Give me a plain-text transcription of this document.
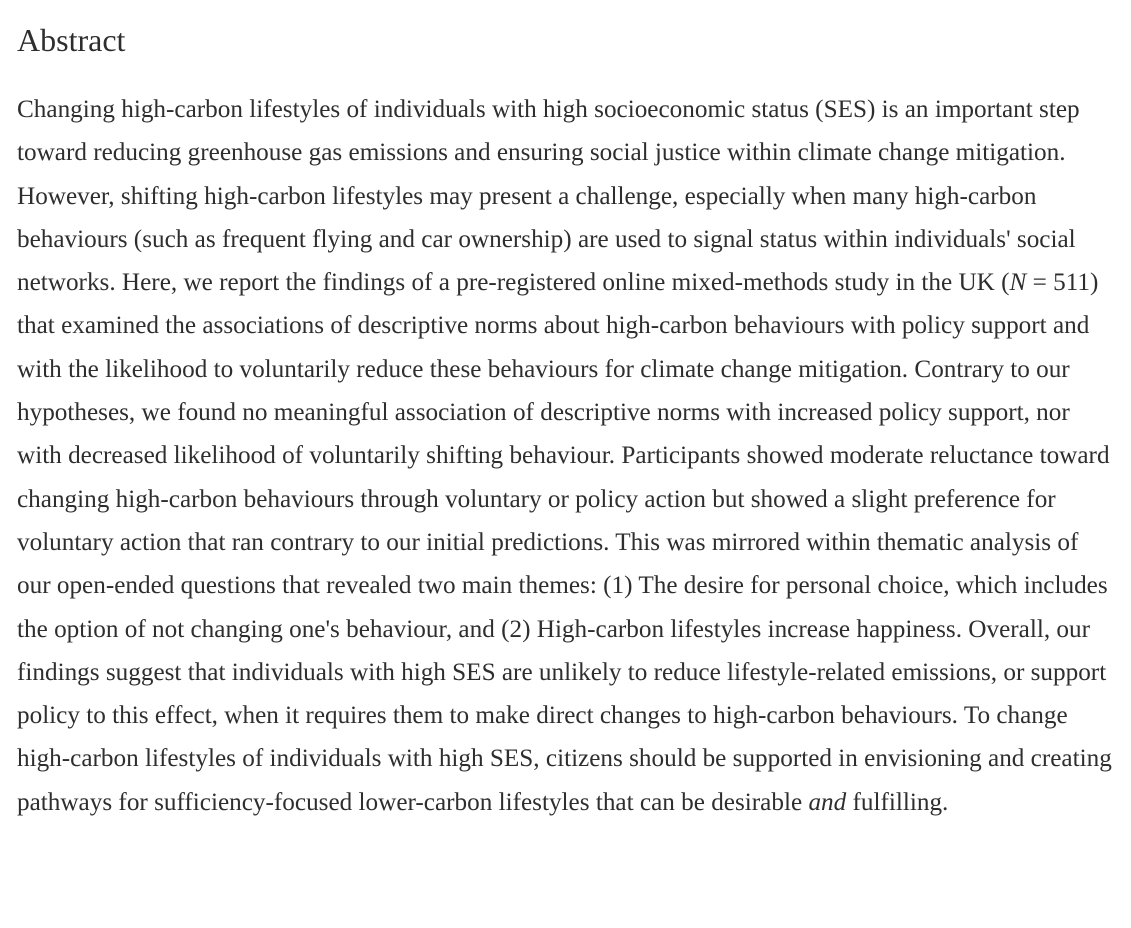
Abstract

Changing high-carbon lifestyles of individuals with high socioeconomic status (SES) is an important step toward reducing greenhouse gas emissions and ensuring social justice within climate change mitigation. However, shifting high-carbon lifestyles may present a challenge, especially when many high-carbon behaviours (such as frequent flying and car ownership) are used to signal status within individuals' social networks. Here, we report the findings of a pre-registered online mixed-methods study in the UK (N = 511) that examined the associations of descriptive norms about high-carbon behaviours with policy support and with the likelihood to voluntarily reduce these behaviours for climate change mitigation. Contrary to our hypotheses, we found no meaningful association of descriptive norms with increased policy support, nor with decreased likelihood of voluntarily shifting behaviour. Participants showed moderate reluctance toward changing high-carbon behaviours through voluntary or policy action but showed a slight preference for voluntary action that ran contrary to our initial predictions. This was mirrored within thematic analysis of our open-ended questions that revealed two main themes: (1) The desire for personal choice, which includes the option of not changing one's behaviour, and (2) High-carbon lifestyles increase happiness. Overall, our findings suggest that individuals with high SES are unlikely to reduce lifestyle-related emissions, or support policy to this effect, when it requires them to make direct changes to high-carbon behaviours. To change high-carbon lifestyles of individuals with high SES, citizens should be supported in envisioning and creating pathways for sufficiency-focused lower-carbon lifestyles that can be desirable and fulfilling.
